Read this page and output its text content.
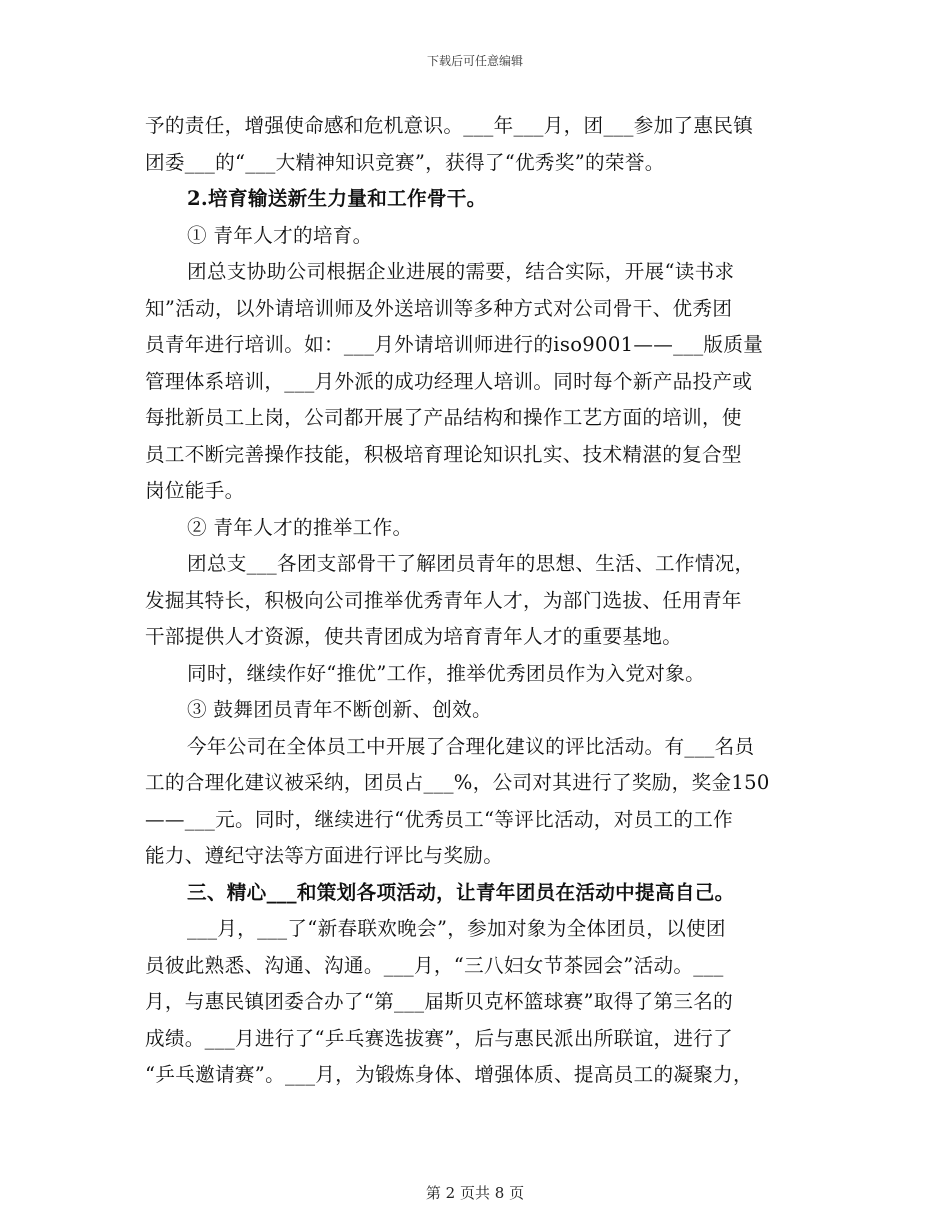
下载后可任意编辑
予的责任，增强使命感和危机意识。___年___月，团___参加了惠民镇
团委___的“___大精神知识竞赛”，获得了“优秀奖”的荣誉。
2.培育输送新生力量和工作骨干。
① 青年人才的培育。
团总支协助公司根据企业进展的需要，结合实际，开展“读书求
知”活动，以外请培训师及外送培训等多种方式对公司骨干、优秀团
员青年进行培训。如：___月外请培训师进行的iso9001——___版质量
管理体系培训，___月外派的成功经理人培训。同时每个新产品投产或
每批新员工上岗，公司都开展了产品结构和操作工艺方面的培训，使
员工不断完善操作技能，积极培育理论知识扎实、技术精湛的复合型
岗位能手。
② 青年人才的推举工作。
团总支___各团支部骨干了解团员青年的思想、生活、工作情况，
发掘其特长，积极向公司推举优秀青年人才，为部门选拔、任用青年
干部提供人才资源，使共青团成为培育青年人才的重要基地。
同时，继续作好“推优”工作，推举优秀团员作为入党对象。
③ 鼓舞团员青年不断创新、创效。
今年公司在全体员工中开展了合理化建议的评比活动。有___名员
工的合理化建议被采纳，团员占___%，公司对其进行了奖励，奖金150
——___元。同时，继续进行“优秀员工“等评比活动，对员工的工作
能力、遵纪守法等方面进行评比与奖励。
三、精心___和策划各项活动，让青年团员在活动中提高自己。
___月，___了“新春联欢晚会”，参加对象为全体团员，以使团
员彼此熟悉、沟通、沟通。___月，“三八妇女节茶园会”活动。___
月，与惠民镇团委合办了“第___届斯贝克杯篮球赛”取得了第三名的
成绩。___月进行了“乒乓赛选拔赛”，后与惠民派出所联谊，进行了
“乒乓邀请赛”。___月，为锻炼身体、增强体质、提高员工的凝聚力，
第 2 页共 8 页
